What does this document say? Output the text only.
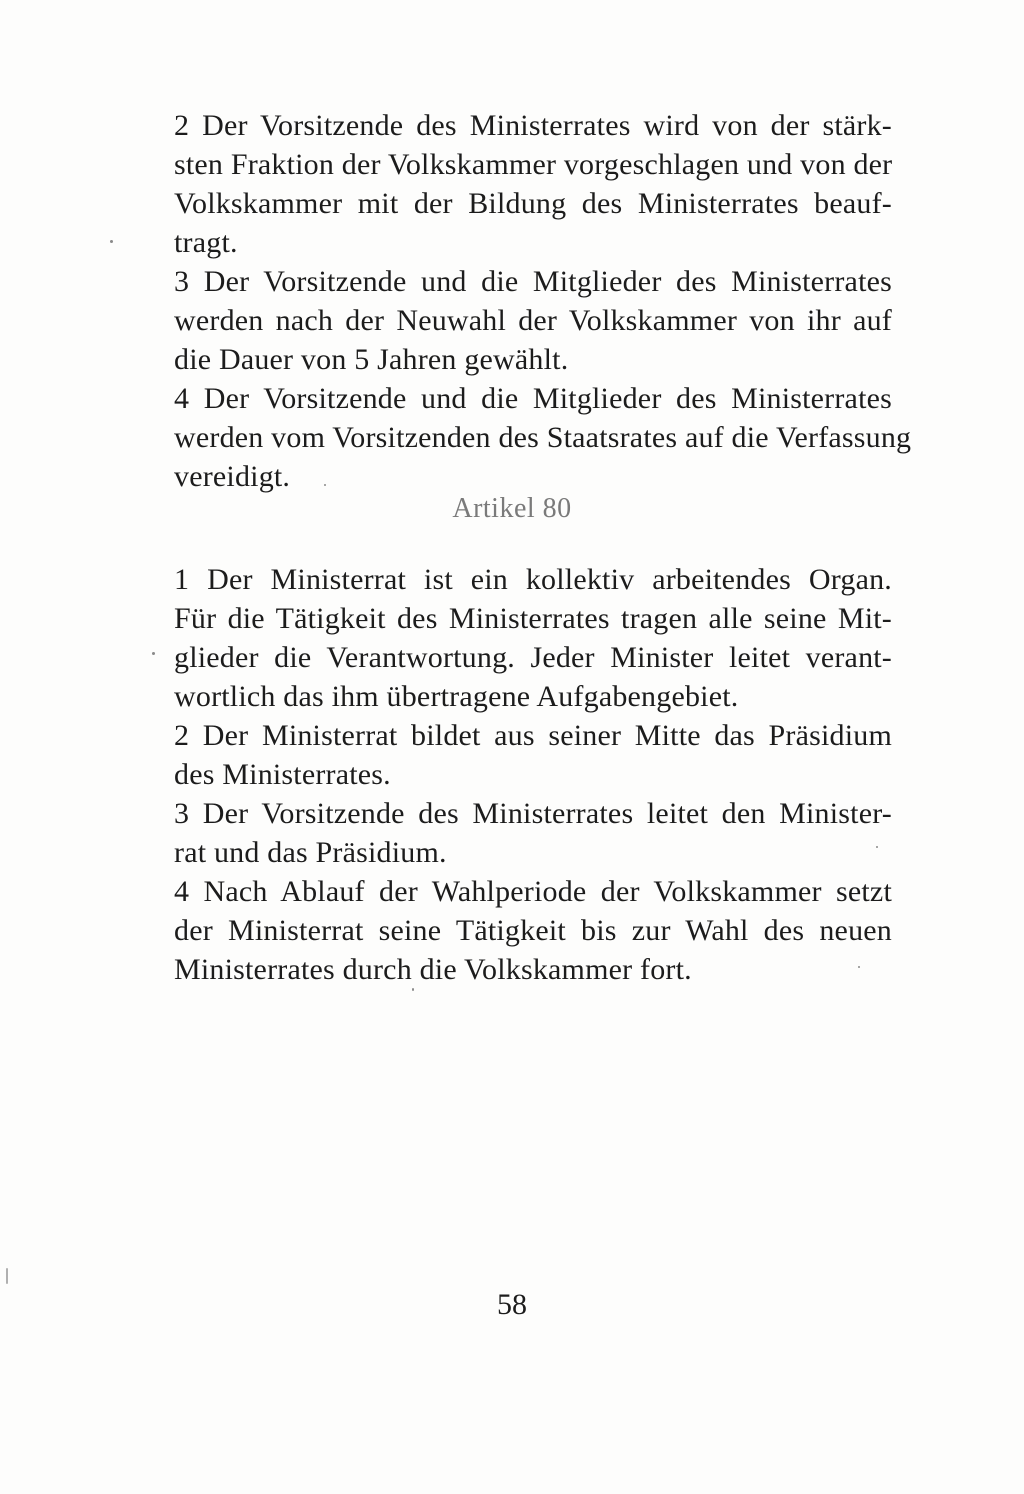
2 Der Vorsitzende des Ministerrates wird von der stärk-
sten Fraktion der Volkskammer vorgeschlagen und von der
Volkskammer mit der Bildung des Ministerrates beauf-
tragt.
3 Der Vorsitzende und die Mitglieder des Ministerrates
werden nach der Neuwahl der Volkskammer von ihr auf
die Dauer von 5 Jahren gewählt.
4 Der Vorsitzende und die Mitglieder des Ministerrates
werden vom Vorsitzenden des Staatsrates auf die Verfassung
vereidigt.
Artikel 80
1 Der Ministerrat ist ein kollektiv arbeitendes Organ.
Für die Tätigkeit des Ministerrates tragen alle seine Mit-
glieder die Verantwortung. Jeder Minister leitet verant-
wortlich das ihm übertragene Aufgabengebiet.
2 Der Ministerrat bildet aus seiner Mitte das Präsidium
des Ministerrates.
3 Der Vorsitzende des Ministerrates leitet den Minister-
rat und das Präsidium.
4 Nach Ablauf der Wahlperiode der Volkskammer setzt
der Ministerrat seine Tätigkeit bis zur Wahl des neuen
Ministerrates durch die Volkskammer fort.
58
